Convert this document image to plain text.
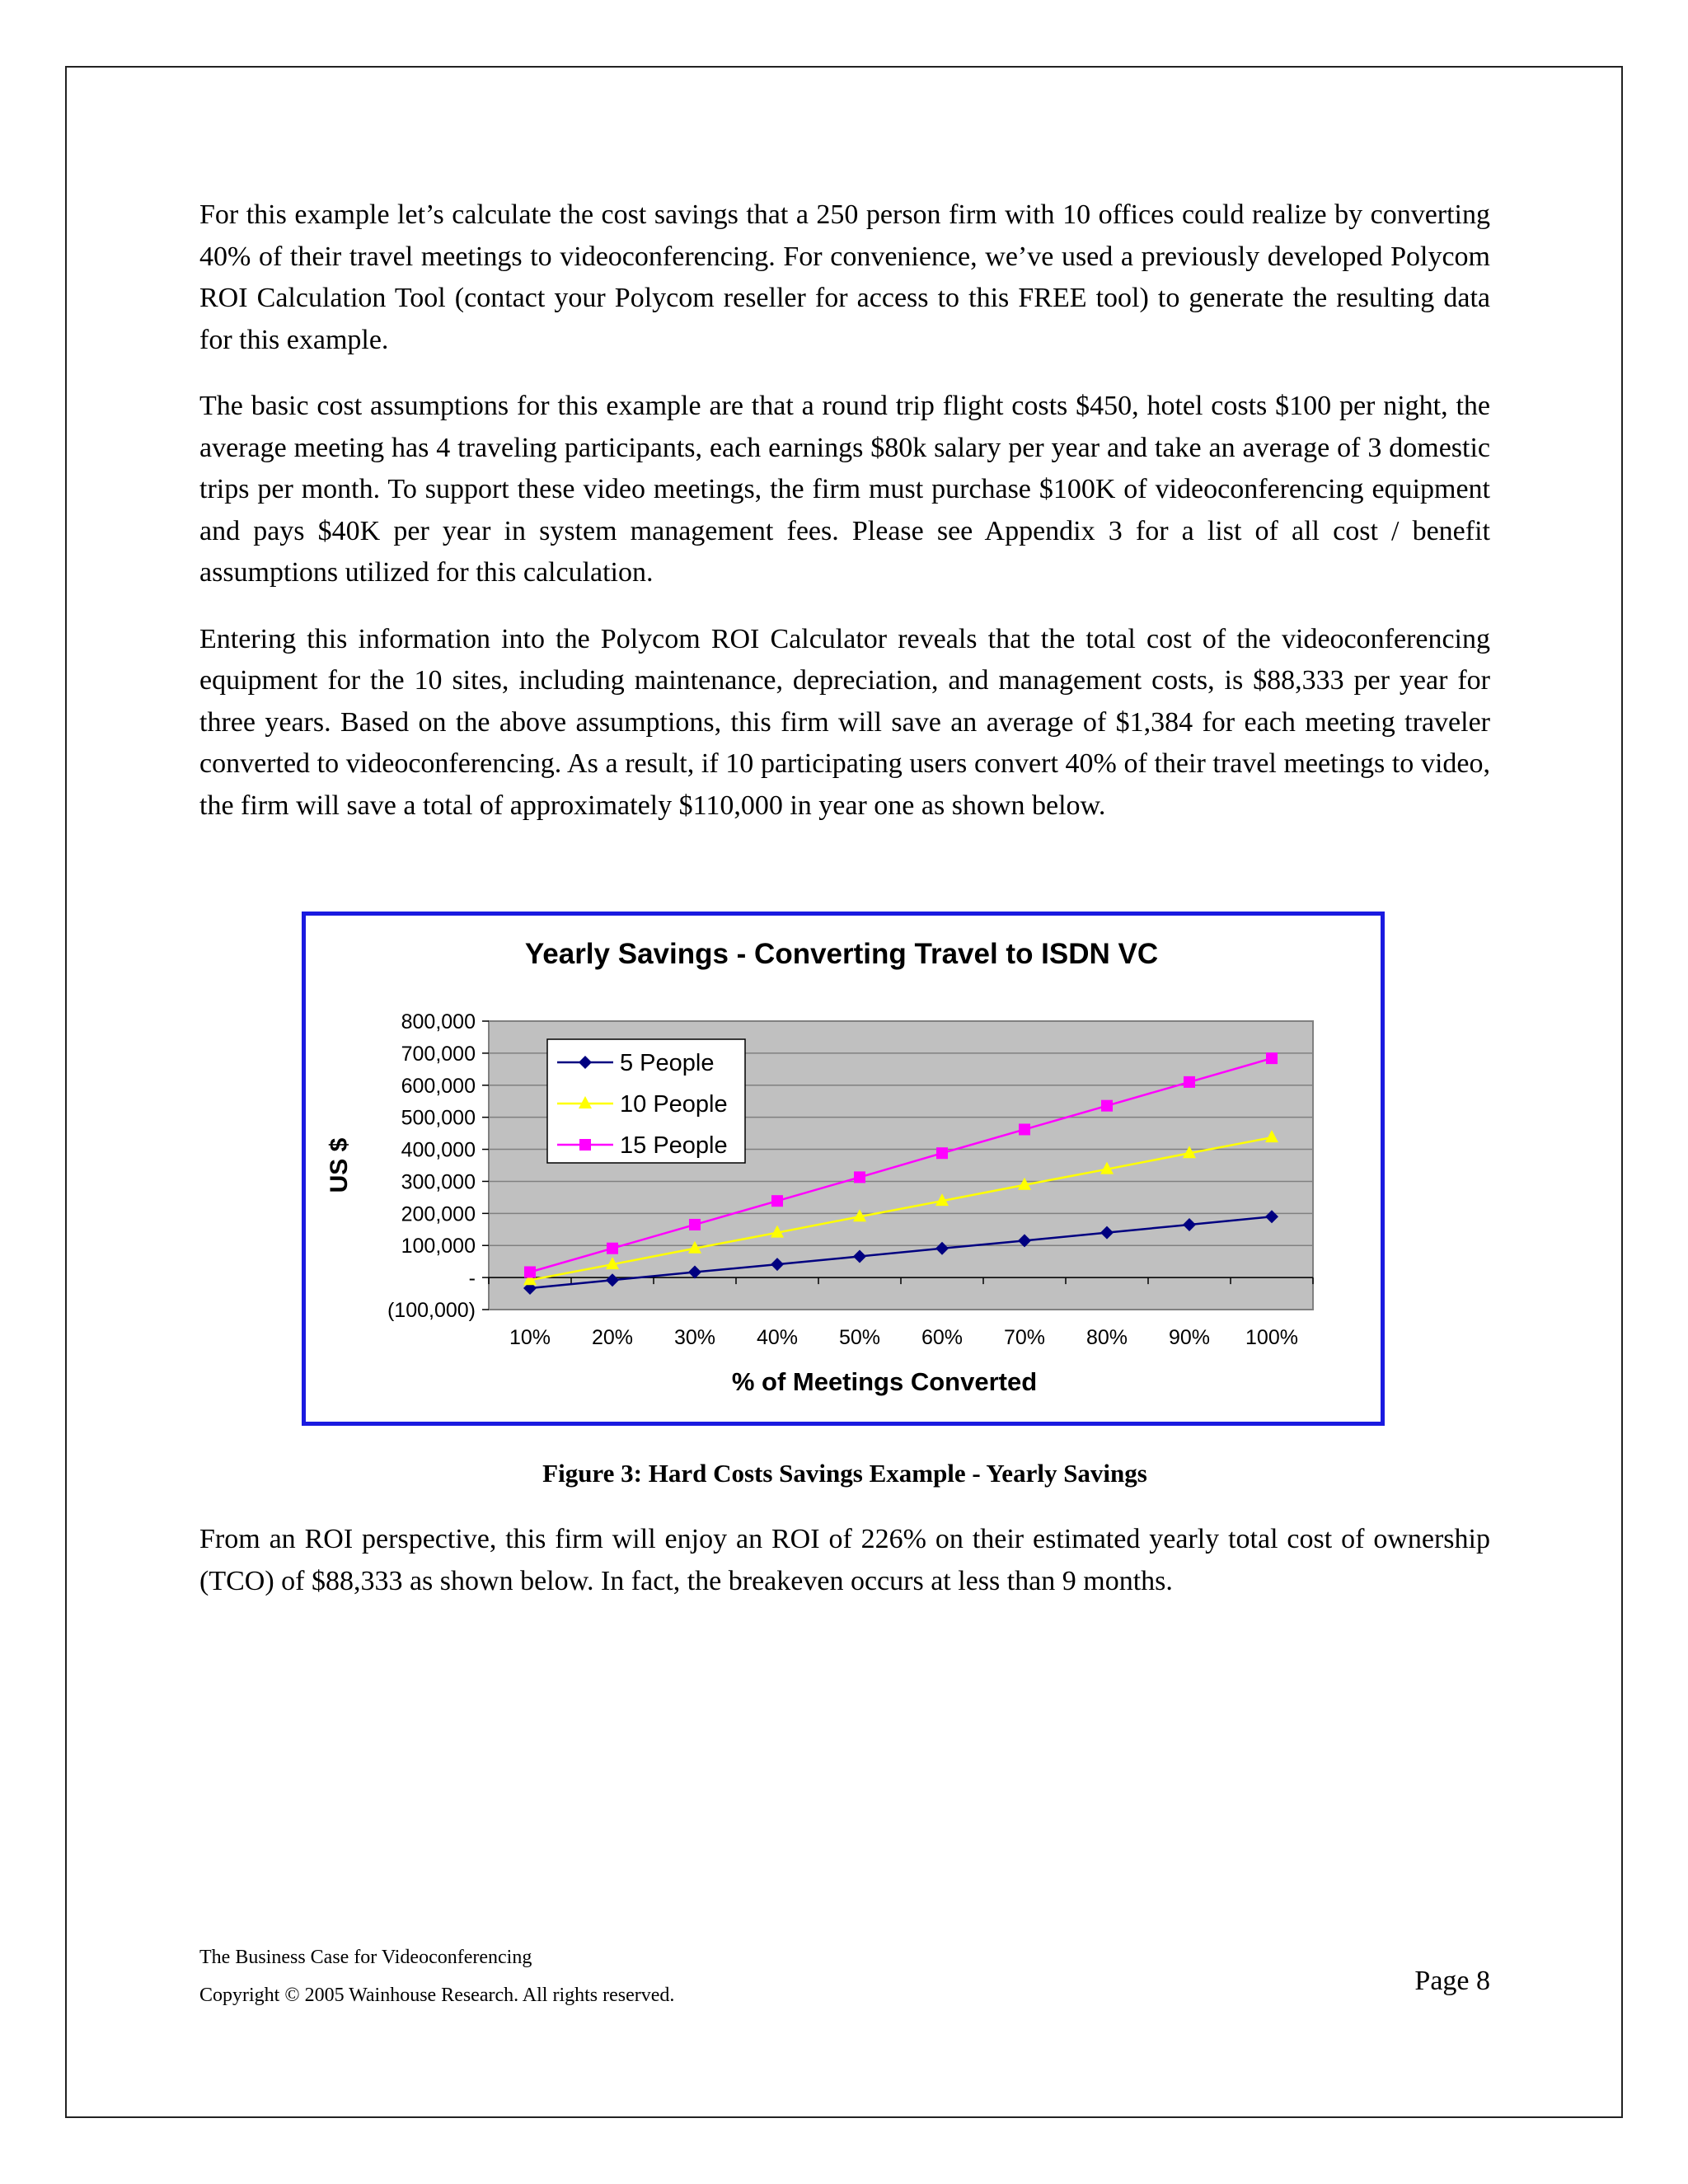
For this example let’s calculate the cost savings that a 250 person firm with 10 offices could realize by converting 40% of their travel meetings to videoconferencing. For convenience, we’ve used a previously developed Polycom ROI Calculation Tool (contact your Polycom reseller for access to this FREE tool) to generate the resulting data for this example.

The basic cost assumptions for this example are that a round trip flight costs $450, hotel costs $100 per night, the average meeting has 4 traveling participants, each earnings $80k salary per year and take an average of 3 domestic trips per month. To support these video meetings, the firm must purchase $100K of videoconferencing equipment and pays $40K per year in system management fees. Please see Appendix 3 for a list of all cost / benefit assumptions utilized for this calculation.

Entering this information into the Polycom ROI Calculator reveals that the total cost of the videoconferencing equipment for the 10 sites, including maintenance, depreciation, and management costs, is $88,333 per year for three years. Based on the above assumptions, this firm will save an average of $1,384 for each meeting traveler converted to videoconferencing. As a result, if 10 participating users convert 40% of their travel meetings to video, the firm will save a total of approximately $110,000 in year one as shown below.

Yearly Savings - Converting Travel to ISDN VC
(100,000)
-
100,000
200,000
300,000
400,000
500,000
600,000
700,000
800,000
10% 20% 30% 40% 50% 60% 70% 80% 90% 100%
US $
% of Meetings Converted
5 People
10 People
15 People
Figure 3: Hard Costs Savings Example - Yearly Savings

From an ROI perspective, this firm will enjoy an ROI of 226% on their estimated yearly total cost of ownership (TCO) of $88,333 as shown below. In fact, the breakeven occurs at less than 9 months.

The Business Case for Videoconferencing
Copyright © 2005 Wainhouse Research. All rights reserved.	Page 8
